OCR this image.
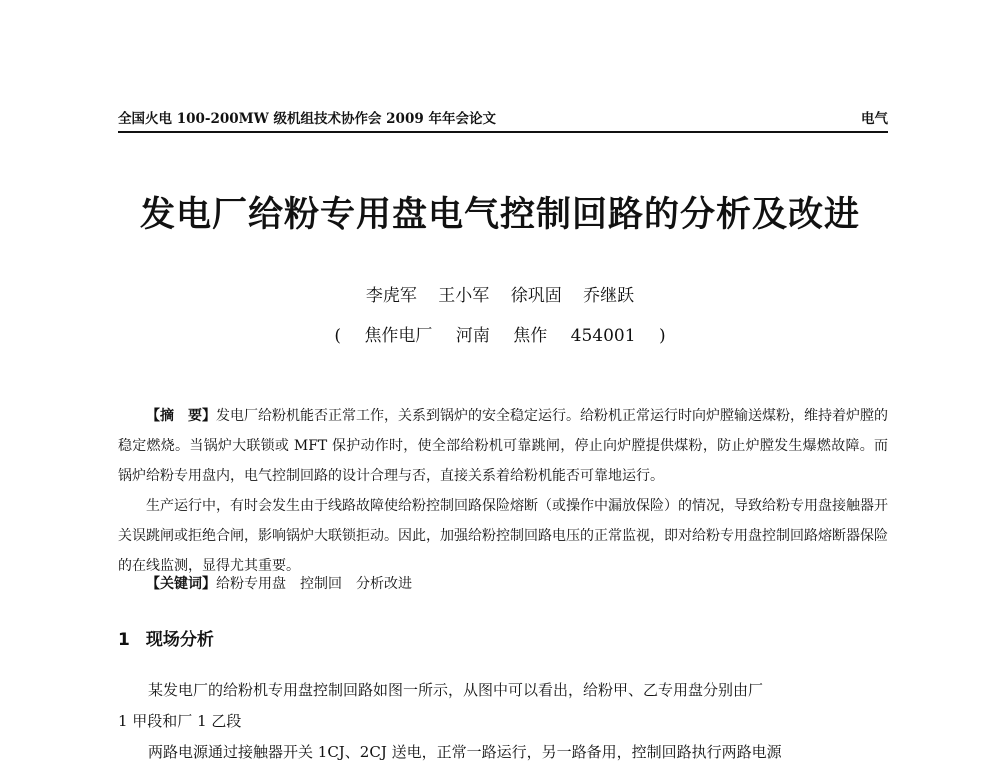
全国火电 100-200MW 级机组技术协作会 2009 年年会论文	电气
发电厂给粉专用盘电气控制回路的分析及改进
李虎军 王小军 徐巩固 乔继跃
( 焦作电厂 河南 焦作 454001 )

【摘　要】发电厂给粉机能否正常工作，关系到锅炉的安全稳定运行。给粉机正常运行时向炉膛输送煤粉，维持着炉膛的稳定燃烧。当锅炉大联锁或 MFT 保护动作时，使全部给粉机可靠跳闸，停止向炉膛提供煤粉，防止炉膛发生爆燃故障。而锅炉给粉专用盘内，电气控制回路的设计合理与否，直接关系着给粉机能否可靠地运行。

生产运行中，有时会发生由于线路故障使给粉控制回路保险熔断（或操作中漏放保险）的情况，导致给粉专用盘接触器开关误跳闸或拒绝合闸，影响锅炉大联锁拒动。因此，加强给粉控制回路电压的正常监视，即对给粉专用盘控制回路熔断器保险的在线监测，显得尤其重要。

【关键词】给粉专用盘 控制回 分析改进
1 现场分析

某发电厂的给粉机专用盘控制回路如图一所示，从图中可以看出，给粉甲、乙专用盘分别由厂

1 甲段和厂 1 乙段

两路电源通过接触器开关 1CJ、2CJ 送电，正常一路运行，另一路备用，控制回路执行两路电源
